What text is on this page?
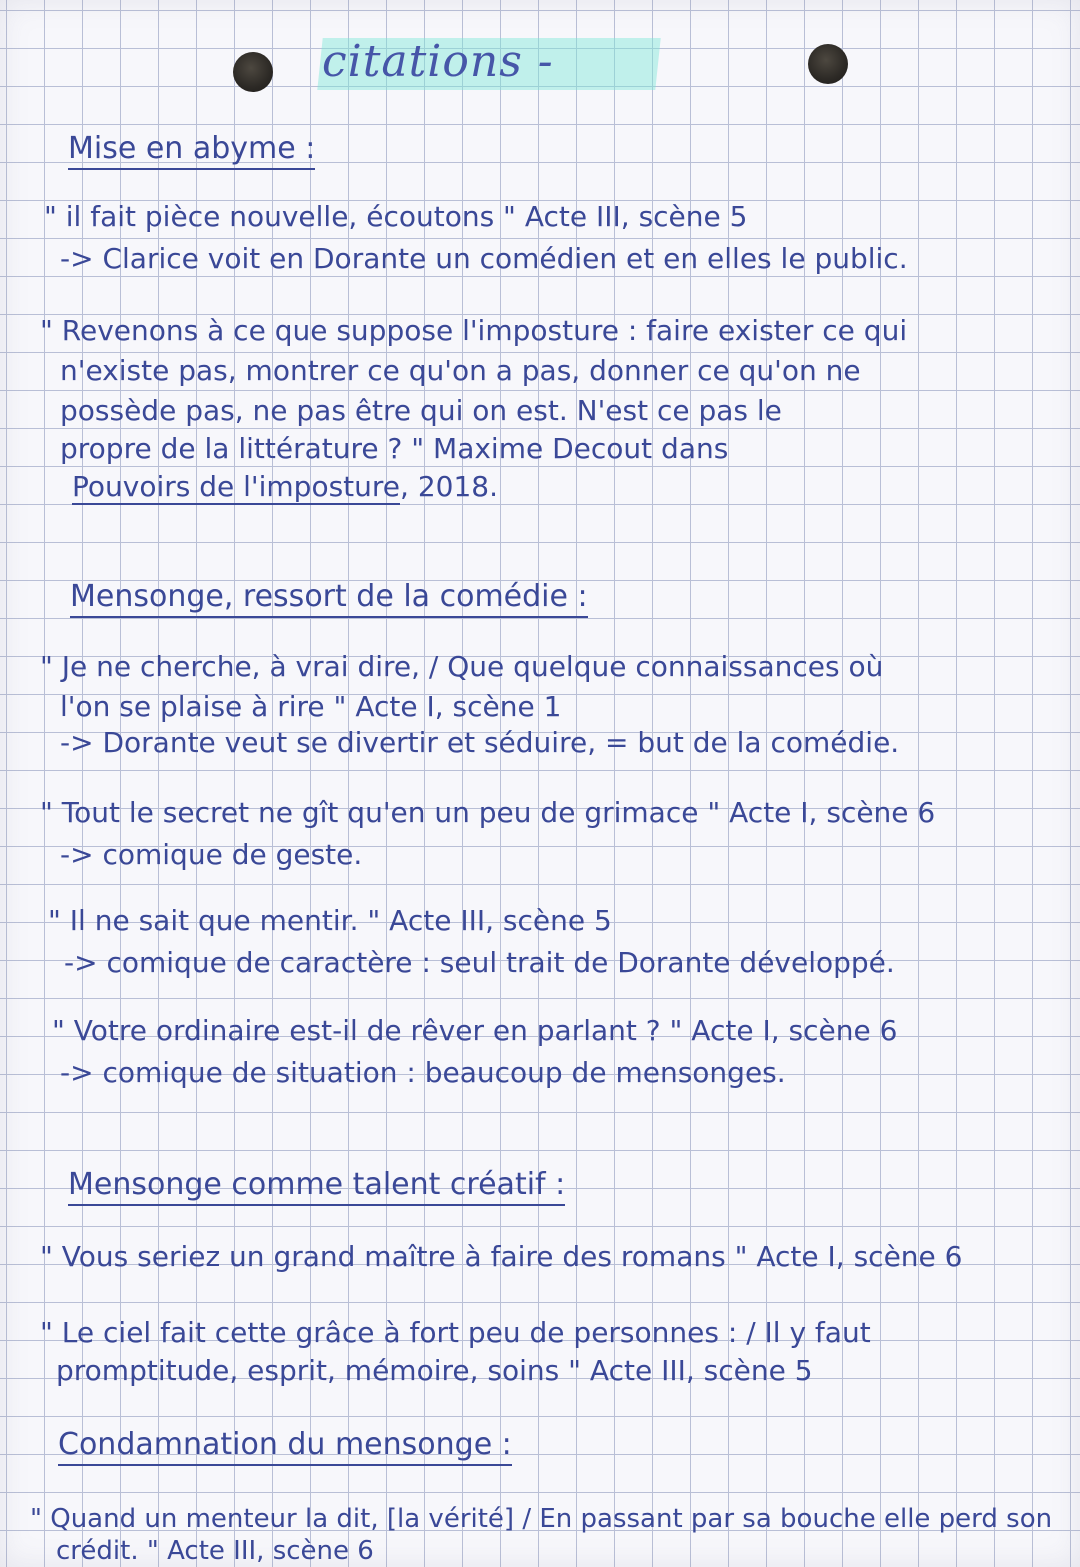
citations -
Mise en abyme :
" il fait pièce nouvelle, écoutons " Acte III, scène 5
-> Clarice voit en Dorante un comédien et en elles le public.
" Revenons à ce que suppose l'imposture : faire exister ce qui
n'existe pas, montrer ce qu'on a pas, donner ce qu'on ne
possède pas, ne pas être qui on est. N'est ce pas le
propre de la littérature ? " Maxime Decout dans
Pouvoirs de l'imposture, 2018.
Mensonge, ressort de la comédie :
" Je ne cherche, à vrai dire, / Que quelque connaissances où
l'on se plaise à rire " Acte I, scène 1
-> Dorante veut se divertir et séduire, = but de la comédie.
" Tout le secret ne gît qu'en un peu de grimace " Acte I, scène 6
-> comique de geste.
" Il ne sait que mentir. " Acte III, scène 5
-> comique de caractère : seul trait de Dorante développé.
" Votre ordinaire est-il de rêver en parlant ? " Acte I, scène 6
-> comique de situation : beaucoup de mensonges.
Mensonge comme talent créatif :
" Vous seriez un grand maître à faire des romans " Acte I, scène 6
" Le ciel fait cette grâce à fort peu de personnes : / Il y faut
promptitude, esprit, mémoire, soins " Acte III, scène 5
Condamnation du mensonge :
" Quand un menteur la dit, [la vérité] / En passant par sa bouche elle perd son
crédit. " Acte III, scène 6
